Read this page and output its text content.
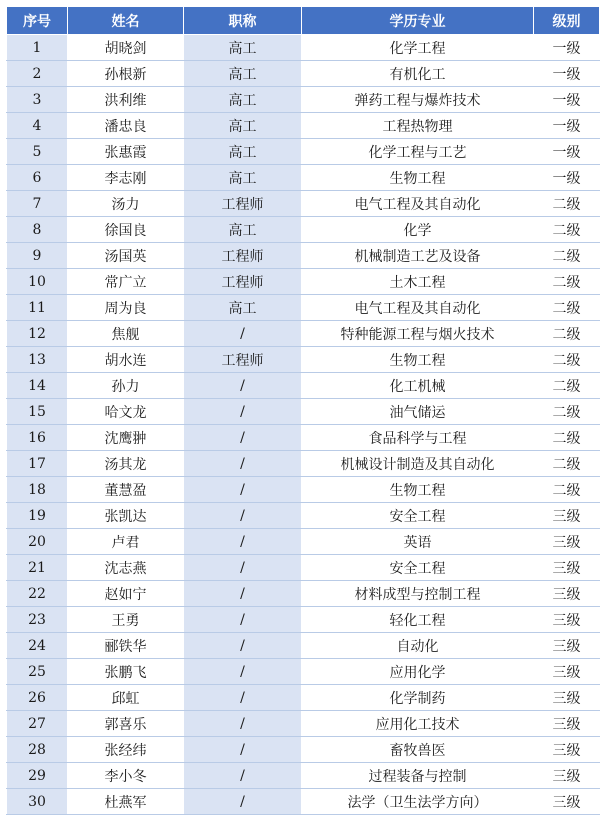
序号	姓名	职称	学历专业	级别
1	胡晓剑	高工	化学工程	一级
2	孙根新	高工	有机化工	一级
3	洪利维	高工	弹药工程与爆炸技术	一级
4	潘忠良	高工	工程热物理	一级
5	张惠霞	高工	化学工程与工艺	一级
6	李志刚	高工	生物工程	一级
7	汤力	工程师	电气工程及其自动化	二级
8	徐国良	高工	化学	二级
9	汤国英	工程师	机械制造工艺及设备	二级
10	常广立	工程师	土木工程	二级
11	周为良	高工	电气工程及其自动化	二级
12	焦舰	/	特种能源工程与烟火技术	二级
13	胡水连	工程师	生物工程	二级
14	孙力	/	化工机械	二级
15	哈文龙	/	油气储运	二级
16	沈鹰翀	/	食品科学与工程	二级
17	汤其龙	/	机械设计制造及其自动化	二级
18	董慧盈	/	生物工程	二级
19	张凯达	/	安全工程	三级
20	卢君	/	英语	三级
21	沈志燕	/	安全工程	三级
22	赵如宁	/	材料成型与控制工程	三级
23	王勇	/	轻化工程	三级
24	郦铁华	/	自动化	三级
25	张鹏飞	/	应用化学	三级
26	邱虹	/	化学制药	三级
27	郭喜乐	/	应用化工技术	三级
28	张经纬	/	畜牧兽医	三级
29	李小冬	/	过程装备与控制	三级
30	杜燕军	/	法学（卫生法学方向）	三级
